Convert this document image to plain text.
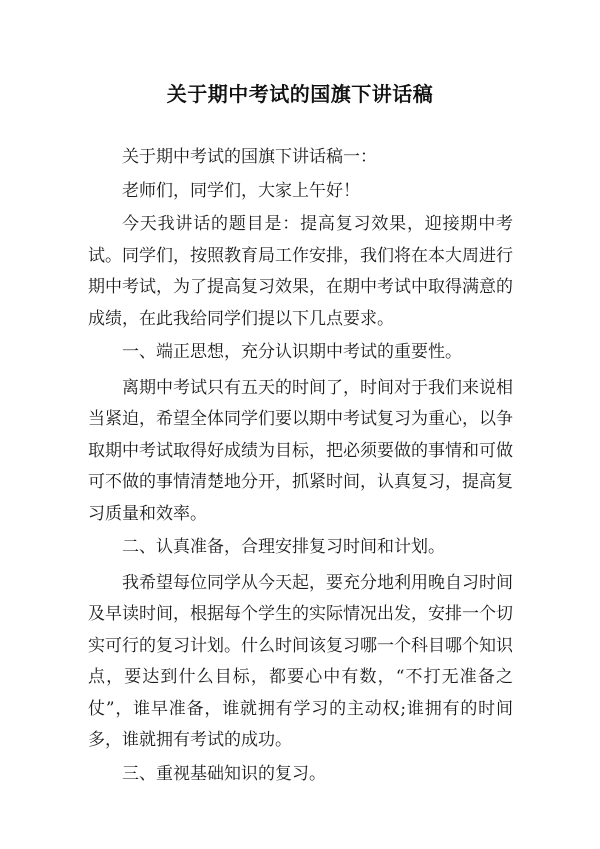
关于期中考试的国旗下讲话稿

关于期中考试的国旗下讲话稿一：

老师们，同学们，大家上午好！

今天我讲话的题目是：提高复习效果，迎接期中考试。同学们，按照教育局工作安排，我们将在本大周进行期中考试，为了提高复习效果，在期中考试中取得满意的成绩，在此我给同学们提以下几点要求。

一、端正思想，充分认识期中考试的重要性。

离期中考试只有五天的时间了，时间对于我们来说相当紧迫，希望全体同学们要以期中考试复习为重心，以争取期中考试取得好成绩为目标，把必须要做的事情和可做可不做的事情清楚地分开，抓紧时间，认真复习，提高复习质量和效率。

二、认真准备，合理安排复习时间和计划。

我希望每位同学从今天起，要充分地利用晚自习时间及早读时间，根据每个学生的实际情况出发，安排一个切实可行的复习计划。什么时间该复习哪一个科目哪个知识点，要达到什么目标，都要心中有数，“不打无准备之仗”，谁早准备，谁就拥有学习的主动权;谁拥有的时间多，谁就拥有考试的成功。

三、重视基础知识的复习。
